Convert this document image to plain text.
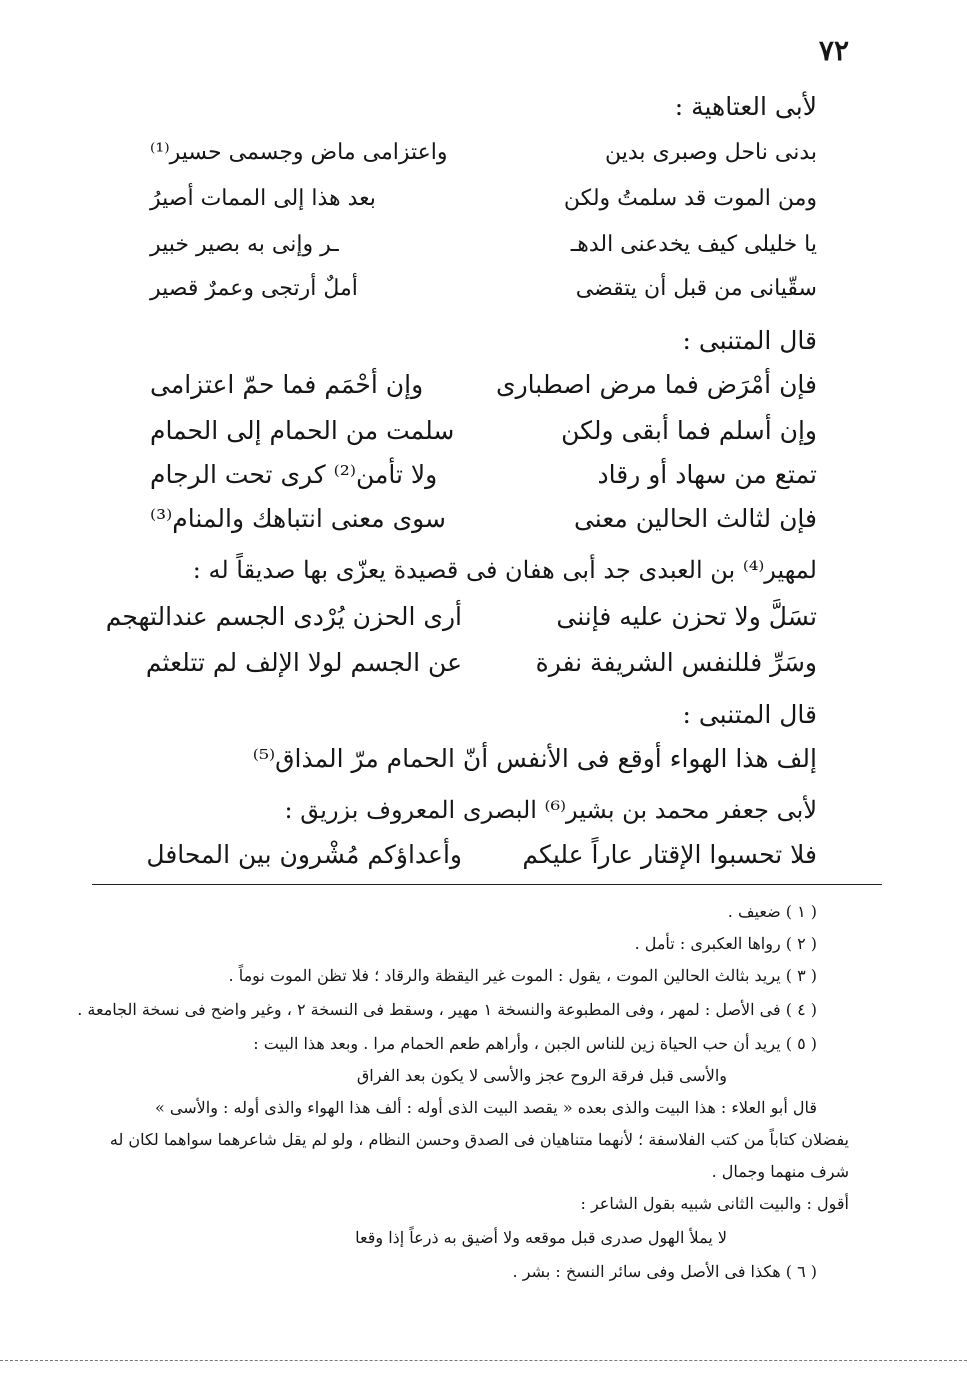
٧٢
لأبى العتاهية :
بدنى ناحل وصبرى بدين
واعتزامى ماض وجسمى حسير⁽¹⁾
ومن الموت قد سلمتُ ولكن
بعد هذا إلى الممات أصيرُ
يا خليلى كيف يخدعنى الدهـ
ـر وإنى به بصير خبير
سقّيانى من قبل أن يتقضى
أملٌ أرتجى وعمرٌ قصير
قال المتنبى :
فإن أمْرَض فما مرض اصطبارى
وإن أحْمَم فما حمّ اعتزامى
وإن أسلم فما أبقى ولكن
سلمت من الحمام إلى الحمام
تمتع من سهاد أو رقاد
ولا تأمن⁽²⁾ كرى تحت الرجام
فإن لثالث الحالين معنى
سوى معنى انتباهك والمنام⁽³⁾
لمهير⁽⁴⁾ بن العبدى جد أبى هفان فى قصيدة يعزّى بها صديقاً له :
تسَلَّ ولا تحزن عليه فإننى
أرى الحزن يُرْدى الجسم عندالتهجم
وسَرِّ فللنفس الشريفة نفرة
عن الجسم لولا الإلف لم تتلعثم
قال المتنبى :
إلف هذا الهواء أوقع فى الأنفس أنّ الحمام مرّ المذاق⁽⁵⁾
لأبى جعفر محمد بن بشير⁽⁶⁾ البصرى المعروف بزريق :
فلا تحسبوا الإقتار عاراً عليكم
وأعداؤكم مُشْرون بين المحافل
( ١ ) ضعيف .
( ٢ ) رواها العكبرى : تأمل .
( ٣ ) يريد بثالث الحالين الموت ، يقول : الموت غير اليقظة والرقاد ؛ فلا تظن الموت نوماً .
( ٤ ) فى الأصل : لمهر ، وفى المطبوعة والنسخة ١ مهير ، وسقط فى النسخة ٢ ، وغير واضح فى نسخة الجامعة .
( ٥ ) يريد أن حب الحياة زين للناس الجبن ، وأراهم طعم الحمام مرا . وبعد هذا البيت :
والأسى قبل فرقة الروح عجز والأسى لا يكون بعد الفراق
قال أبو العلاء : هذا البيت والذى بعده « يقصد البيت الذى أوله : ألف هذا الهواء والذى أوله : والأسى »
يفضلان كتاباً من كتب الفلاسفة ؛ لأنهما متناهيان فى الصدق وحسن النظام ، ولو لم يقل شاعرهما سواهما لكان له
شرف منهما وجمال .
أقول : والبيت الثانى شبيه بقول الشاعر :
لا يملأ الهول صدرى قبل موقعه ولا أضيق به ذرعاً إذا وقعا
( ٦ ) هكذا فى الأصل وفى سائر النسخ : بشر .
